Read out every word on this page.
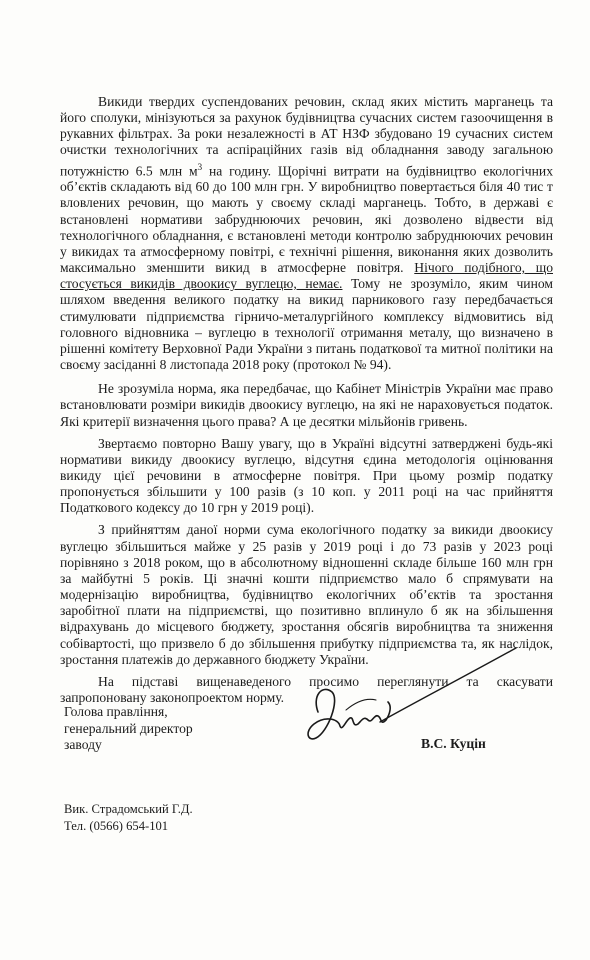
Викиди твердих суспендованих речовин, склад яких містить марганець та його сполуки, мінізуються за рахунок будівництва сучасних систем газоочищення в рукавних фільтрах. За роки незалежності в АТ НЗФ збудовано 19 сучасних систем очистки технологічних та аспіраційних газів від обладнання заводу загальною потужністю 6.5 млн $м^3$ на годину. Щорічні витрати на будівництво екологічних об’єктів складають від 60 до 100 млн грн. У виробництво повертається біля 40 тис т вловлених речовин, що мають у своєму складі марганець. Тобто, в державі є встановлені нормативи забруднюючих речовин, які дозволено відвести від технологічного обладнання, є встановлені методи контролю забруднюючих речовин у викидах та атмосферному повітрі, є технічні рішення, виконання яких дозволить максимально зменшити викид в атмосферне повітря. Нічого подібного, що стосується викидів двоокису вуглецю, немає. Тому не зрозуміло, яким чином шляхом введення великого податку на викид парникового газу передбачається стимулювати підприємства гірничо-металургійного комплексу відмовитись від головного відновника – вуглецю в технології отримання металу, що визначено в рішенні комітету Верховної Ради України з питань податкової та митної політики на своєму засіданні 8 листопада 2018 року (протокол № 94).

Не зрозуміла норма, яка передбачає, що Кабінет Міністрів України має право встановлювати розміри викидів двоокису вуглецю, на які не нараховується податок. Які критерії визначення цього права? А це десятки мільйонів гривень.

Звертаємо повторно Вашу увагу, що в Україні відсутні затверджені будь-які нормативи викиду двоокису вуглецю, відсутня єдина методологія оцінювання викиду цієї речовини в атмосферне повітря. При цьому розмір податку пропонується збільшити у 100 разів (з 10 коп. у 2011 році на час прийняття Податкового кодексу до 10 грн у 2019 році).

З прийняттям даної норми сума екологічного податку за викиди двоокису вуглецю збільшиться майже у 25 разів у 2019 році і до 73 разів у 2023 році порівняно з 2018 роком, що в абсолютному відношенні складе більше 160 млн грн за майбутні 5 років. Ці значні кошти підприємство мало б спрямувати на модернізацію виробництва, будівництво екологічних об’єктів та зростання заробітної плати на підприємстві, що позитивно вплинуло б як на збільшення відрахувань до місцевого бюджету, зростання обсягів виробництва та зниження собівартості, що призвело б до збільшення прибутку підприємства та, як наслідок, зростання платежів до державного бюджету України.

На підставі вищенаведеного просимо переглянути та скасувати запропоновану законопроектом норму.

Голова правління,
генеральний директор
заводу	В.С. Куцін
Вик. Страдомський Г.Д.
Тел. (0566) 654-101
